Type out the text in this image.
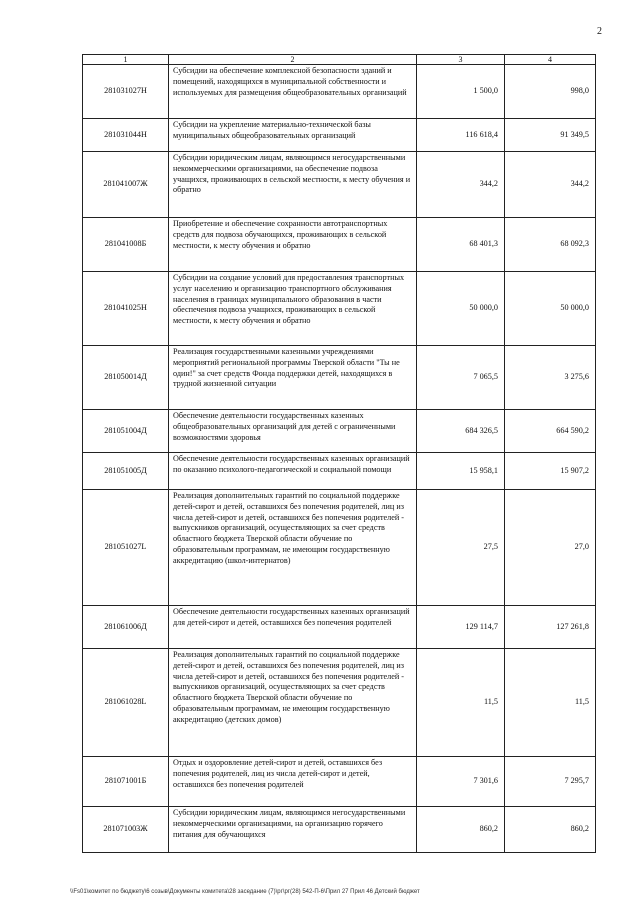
2
1	2	3	4
281031027Н	Субсидии на обеспечение комплексной безопасности зданий и помещений, находящихся в муниципальной собственности и используемых для размещения общеобразовательных организаций	1 500,0	998,0
281031044Н	Субсидии на укрепление материально-технической базы муниципальных общеобразовательных организаций	116 618,4	91 349,5
281041007Ж	Субсидии юридическим лицам, являющимся негосударственными некоммерческими организациями, на обеспечение подвоза учащихся, проживающих в сельской местности, к месту обучения и обратно	344,2	344,2
281041008Б	Приобретение и обеспечение сохранности автотранспортных средств для подвоза обучающихся, проживающих в сельской местности, к месту обучения и обратно	68 401,3	68 092,3
281041025Н	Субсидии на создание условий для предоставления транспортных услуг населению и организацию транспортного обслуживания населения в границах муниципального образования в части обеспечения подвоза учащихся, проживающих в сельской местности, к месту обучения и обратно	50 000,0	50 000,0
281050014Д	Реализация государственными казенными учреждениями мероприятий региональной программы Тверской области "Ты не один!" за счет средств Фонда поддержки детей, находящихся в трудной жизненной ситуации	7 065,5	3 275,6
281051004Д	Обеспечение деятельности государственных казенных общеобразовательных организаций для детей с ограниченными возможностями здоровья	684 326,5	664 590,2
281051005Д	Обеспечение деятельности государственных казенных организаций по оказанию психолого-педагогической и социальной помощи	15 958,1	15 907,2
281051027L	Реализация дополнительных гарантий по социальной поддержке детей-сирот и детей, оставшихся без попечения родителей, лиц из числа детей-сирот и детей, оставшихся без попечения родителей - выпускников организаций, осуществляющих за счет средств областного бюджета Тверской области обучение по образовательным программам, не имеющим государственную аккредитацию (школ-интернатов)	27,5	27,0
281061006Д	Обеспечение деятельности государственных казенных организаций для детей-сирот и детей, оставшихся без попечения родителей	129 114,7	127 261,8
281061028L	Реализация дополнительных гарантий по социальной поддержке детей-сирот и детей, оставшихся без попечения родителей, лиц из числа детей-сирот и детей, оставшихся без попечения родителей - выпускников организаций, осуществляющих за счет средств областного бюджета Тверской области обучение по образовательным программам, не имеющим государственную аккредитацию (детских домов)	11,5	11,5
281071001Б	Отдых и оздоровление детей-сирот и детей, оставшихся без попечения родителей, лиц из числа детей-сирот и детей, оставшихся без попечения родителей	7 301,6	7 295,7
281071003Ж	Субсидии юридическим лицам, являющимся негосударственными некоммерческими организациями, на организацию горячего питания для обучающихся	860,2	860,2
\\Fs01\комитет по бюджету\6 созыв\Документы комитета\28 заседание (7)\рг\рг(28) 542-П-6\Прил 27 Прил 46 Детский бюджет
